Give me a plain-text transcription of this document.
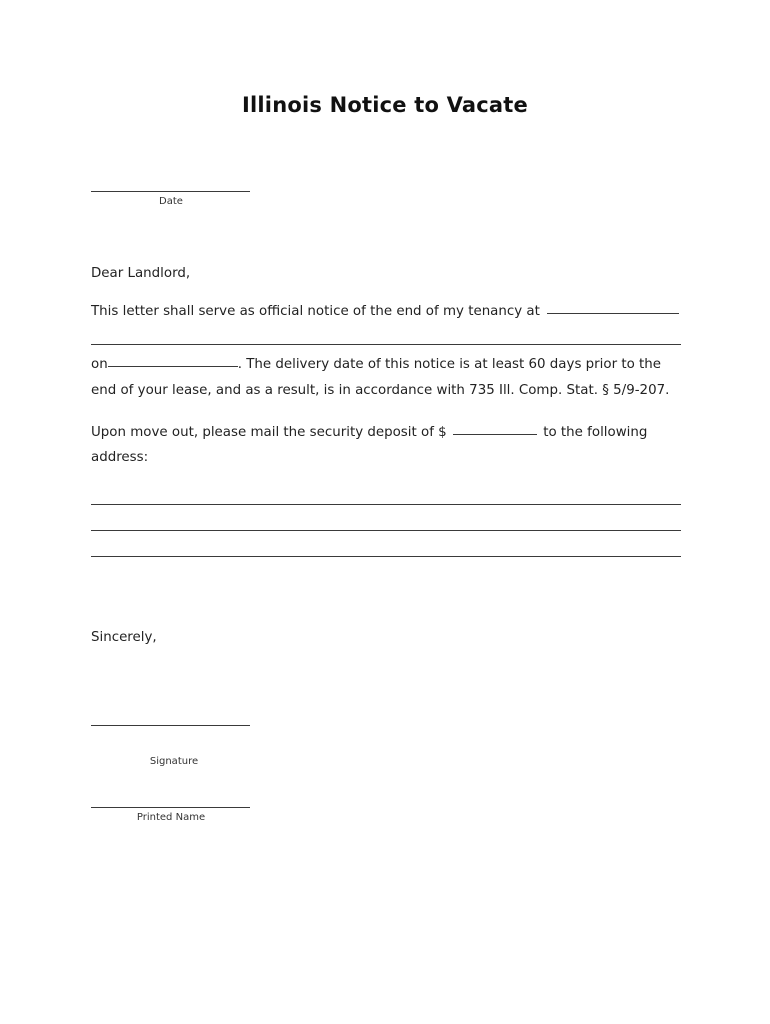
Illinois Notice to Vacate
Date
Dear Landlord,
This letter shall serve as official notice of the end of my tenancy at
on	. The delivery date of this notice is at least 60 days prior to the
end of your lease, and as a result, is in accordance with 735 Ill. Comp. Stat. § 5/9-207.
Upon move out, please mail the security deposit of $	to the following
address:
Sincerely,
Signature
Printed Name
